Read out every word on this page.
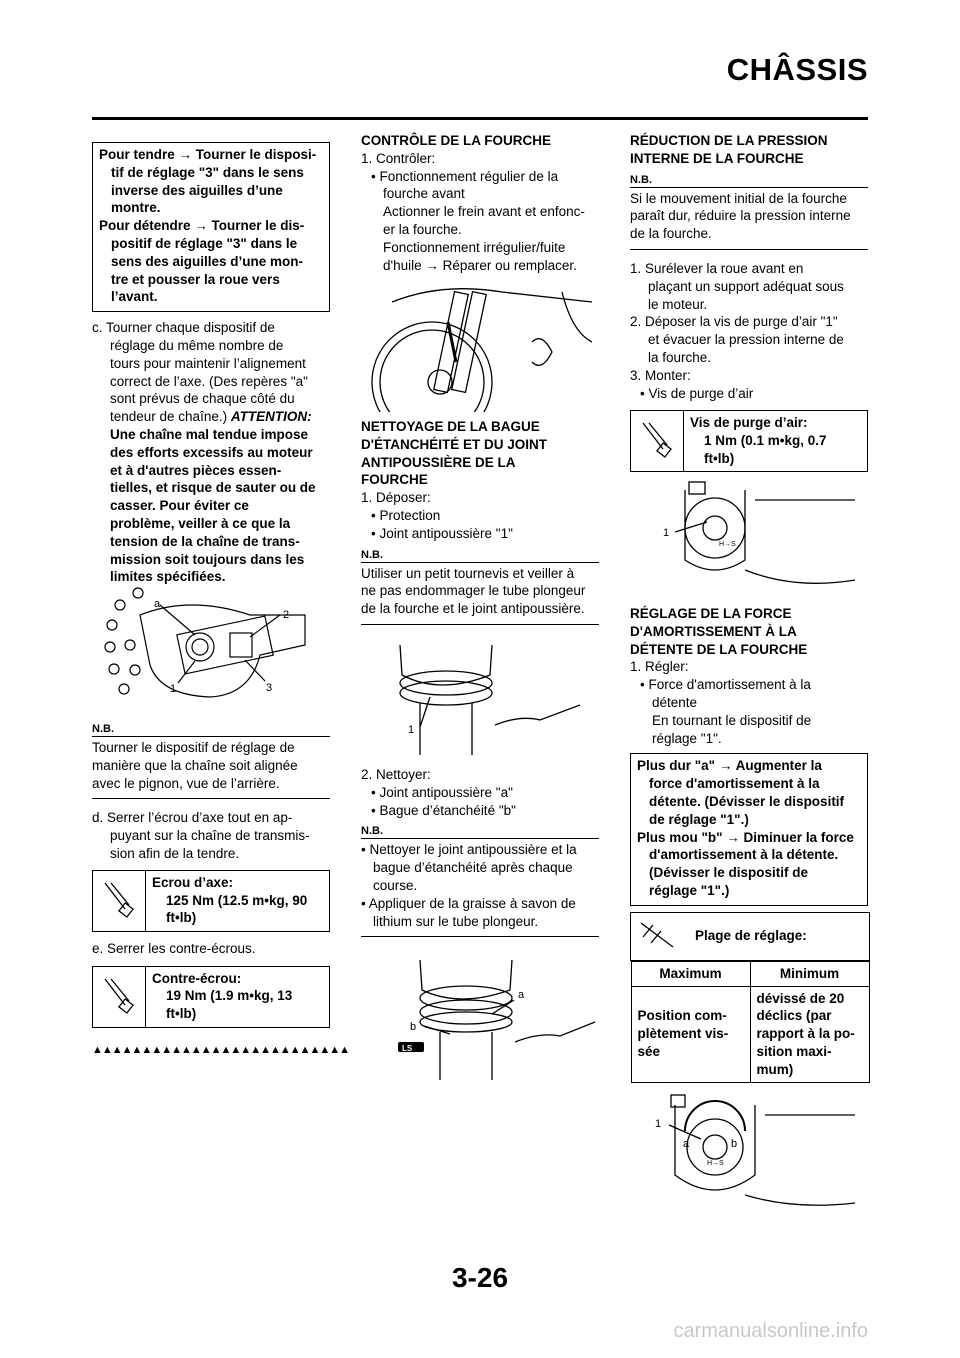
CHÂSSIS
Pour tendre → Tourner le disposi-
tif de réglage "3" dans le sens
inverse des aiguilles d’une
montre.
Pour détendre → Tourner le dis-
positif de réglage "3" dans le
sens des aiguilles d’une mon-
tre et pousser la roue vers
l’avant.
c. Tourner chaque dispositif de
réglage du même nombre de
tours pour maintenir l’alignement
correct de l’axe. (Des repères "a"
sont prévus de chaque côté du
tendeur de chaîne.) ATTENTION:
Une chaîne mal tendue impose
des efforts excessifs au moteur
et à d'autres pièces essen-
tielles, et risque de sauter ou de
casser. Pour éviter ce
problème, veiller à ce que la
tension de la chaîne de trans-
mission soit toujours dans les
limites spécifiées.
a
2
1	3
N.B.
Tourner le dispositif de réglage de
manière que la chaîne soit alignée
avec le pignon, vue de l’arrière.
d. Serrer l’écrou d’axe tout en ap-
puyant sur la chaîne de transmis-
sion afin de la tendre.
Ecrou d’axe:
125 Nm (12.5 m•kg, 90
ft•lb)
e. Serrer les contre-écrous.
Contre-écrou:
19 Nm (1.9 m•kg, 13
ft•lb)
▲▲▲▲▲▲▲▲▲▲▲▲▲▲▲▲▲▲▲▲▲▲▲▲▲▲
CONTRÔLE DE LA FOURCHE
1. Contrôler:
• Fonctionnement régulier de la
fourche avant
Actionner le frein avant et enfonc-
er la fourche.
Fonctionnement irrégulier/fuite
d'huile → Réparer ou remplacer.
NETTOYAGE DE LA BAGUE
D'ÉTANCHÉITÉ ET DU JOINT
ANTIPOUSSIÈRE DE LA
FOURCHE
1. Déposer:
• Protection
• Joint antipoussière "1"
N.B.
Utiliser un petit tournevis et veiller à
ne pas endommager le tube plongeur
de la fourche et le joint antipoussière.
1
2. Nettoyer:
• Joint antipoussière "a"
• Bague d’étanchéité "b"
N.B.
• Nettoyer le joint antipoussière et la
bague d’étanchéité après chaque
course.
• Appliquer de la graisse à savon de
lithium sur le tube plongeur.
a
b
LS
RÉDUCTION DE LA PRESSION
INTERNE DE LA FOURCHE
N.B.
Si le mouvement initial de la fourche
paraît dur, réduire la pression interne
de la fourche.
1. Surélever la roue avant en
plaçant un support adéquat sous
le moteur.
2. Déposer la vis de purge d’air "1"
et évacuer la pression interne de
la fourche.
3. Monter:
• Vis de purge d’air
Vis de purge d’air:
1 Nm (0.1 m•kg, 0.7
ft•lb)
1
H→S
RÉGLAGE DE LA FORCE
D'AMORTISSEMENT À LA
DÉTENTE DE LA FOURCHE
1. Régler:
• Force d'amortissement à la
détente
En tournant le dispositif de
réglage "1".
Plus dur "a" → Augmenter la
force d'amortissement à la
détente. (Dévisser le dispositif
de réglage "1".)
Plus mou "b" → Diminuer la force
d'amortissement à la détente.
(Dévisser le dispositif de
réglage "1".)
	Plage de réglage:

Maximum	Minimum
Position com- plètement vis- sée	dévissé de 20 déclics (par rapport à la po- sition maxi- mum)
1
a	b
H→S
3-26
carmanualsonline.info
